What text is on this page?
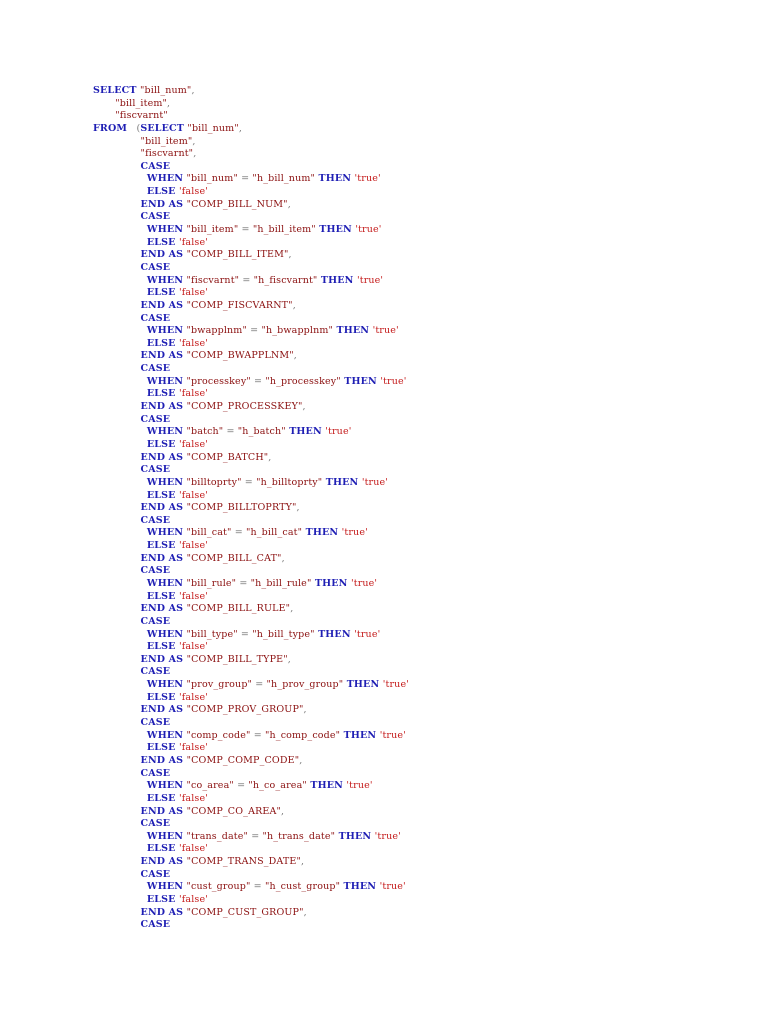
SELECT "bill_num",
"bill_item",
"fiscvarnt"
FROM (SELECT "bill_num",
"bill_item",
"fiscvarnt",
CASE
WHEN "bill_num" = "h_bill_num" THEN 'true'
ELSE 'false'
END AS "COMP_BILL_NUM",
CASE
WHEN "bill_item" = "h_bill_item" THEN 'true'
ELSE 'false'
END AS "COMP_BILL_ITEM",
CASE
WHEN "fiscvarnt" = "h_fiscvarnt" THEN 'true'
ELSE 'false'
END AS "COMP_FISCVARNT",
CASE
WHEN "bwapplnm" = "h_bwapplnm" THEN 'true'
ELSE 'false'
END AS "COMP_BWAPPLNM",
CASE
WHEN "processkey" = "h_processkey" THEN 'true'
ELSE 'false'
END AS "COMP_PROCESSKEY",
CASE
WHEN "batch" = "h_batch" THEN 'true'
ELSE 'false'
END AS "COMP_BATCH",
CASE
WHEN "billtoprty" = "h_billtoprty" THEN 'true'
ELSE 'false'
END AS "COMP_BILLTOPRTY",
CASE
WHEN "bill_cat" = "h_bill_cat" THEN 'true'
ELSE 'false'
END AS "COMP_BILL_CAT",
CASE
WHEN "bill_rule" = "h_bill_rule" THEN 'true'
ELSE 'false'
END AS "COMP_BILL_RULE",
CASE
WHEN "bill_type" = "h_bill_type" THEN 'true'
ELSE 'false'
END AS "COMP_BILL_TYPE",
CASE
WHEN "prov_group" = "h_prov_group" THEN 'true'
ELSE 'false'
END AS "COMP_PROV_GROUP",
CASE
WHEN "comp_code" = "h_comp_code" THEN 'true'
ELSE 'false'
END AS "COMP_COMP_CODE",
CASE
WHEN "co_area" = "h_co_area" THEN 'true'
ELSE 'false'
END AS "COMP_CO_AREA",
CASE
WHEN "trans_date" = "h_trans_date" THEN 'true'
ELSE 'false'
END AS "COMP_TRANS_DATE",
CASE
WHEN "cust_group" = "h_cust_group" THEN 'true'
ELSE 'false'
END AS "COMP_CUST_GROUP",
CASE
